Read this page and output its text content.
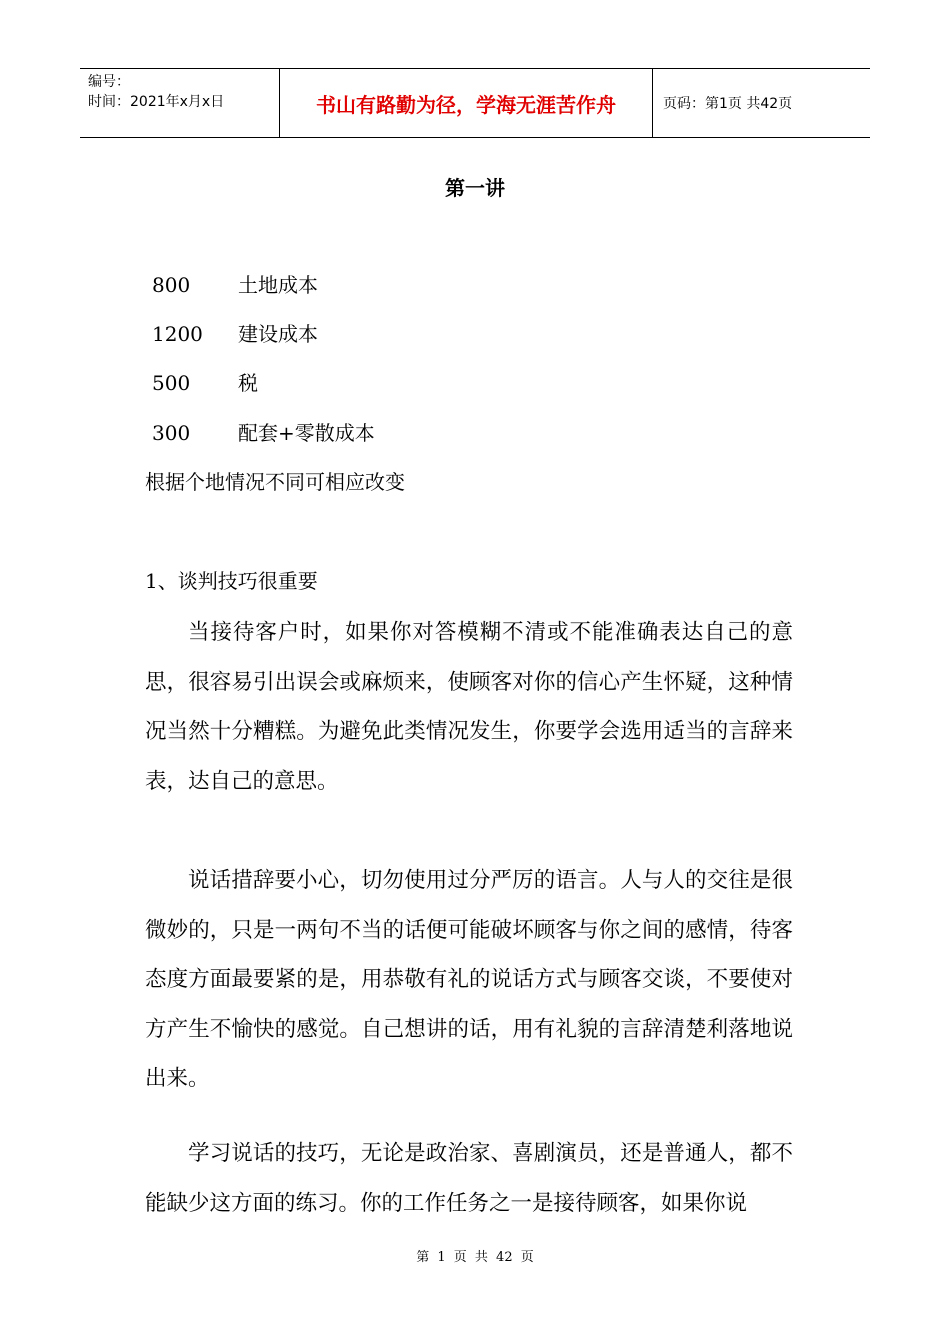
编号：
时间：2021年x月x日	书山有路勤为径，学海无涯苦作舟	页码：第1页 共42页
第一讲
800 土地成本
1200 建设成本
500 税
300 配套+零散成本
根据个地情况不同可相应改变
1、谈判技巧很重要

当接待客户时，如果你对答模糊不清或不能准确表达自己的意思，很容易引出误会或麻烦来，使顾客对你的信心产生怀疑，这种情况当然十分糟糕。为避免此类情况发生，你要学会选用适当的言辞来表，达自己的意思。

说话措辞要小心，切勿使用过分严厉的语言。人与人的交往是很微妙的，只是一两句不当的话便可能破坏顾客与你之间的感情，待客态度方面最要紧的是，用恭敬有礼的说话方式与顾客交谈，不要使对方产生不愉快的感觉。自己想讲的话，用有礼貌的言辞清楚利落地说出来。

学习说话的技巧，无论是政治家、喜剧演员，还是普通人，都不能缺少这方面的练习。你的工作任务之一是接待顾客，如果你说

第 1 页 共 42 页
